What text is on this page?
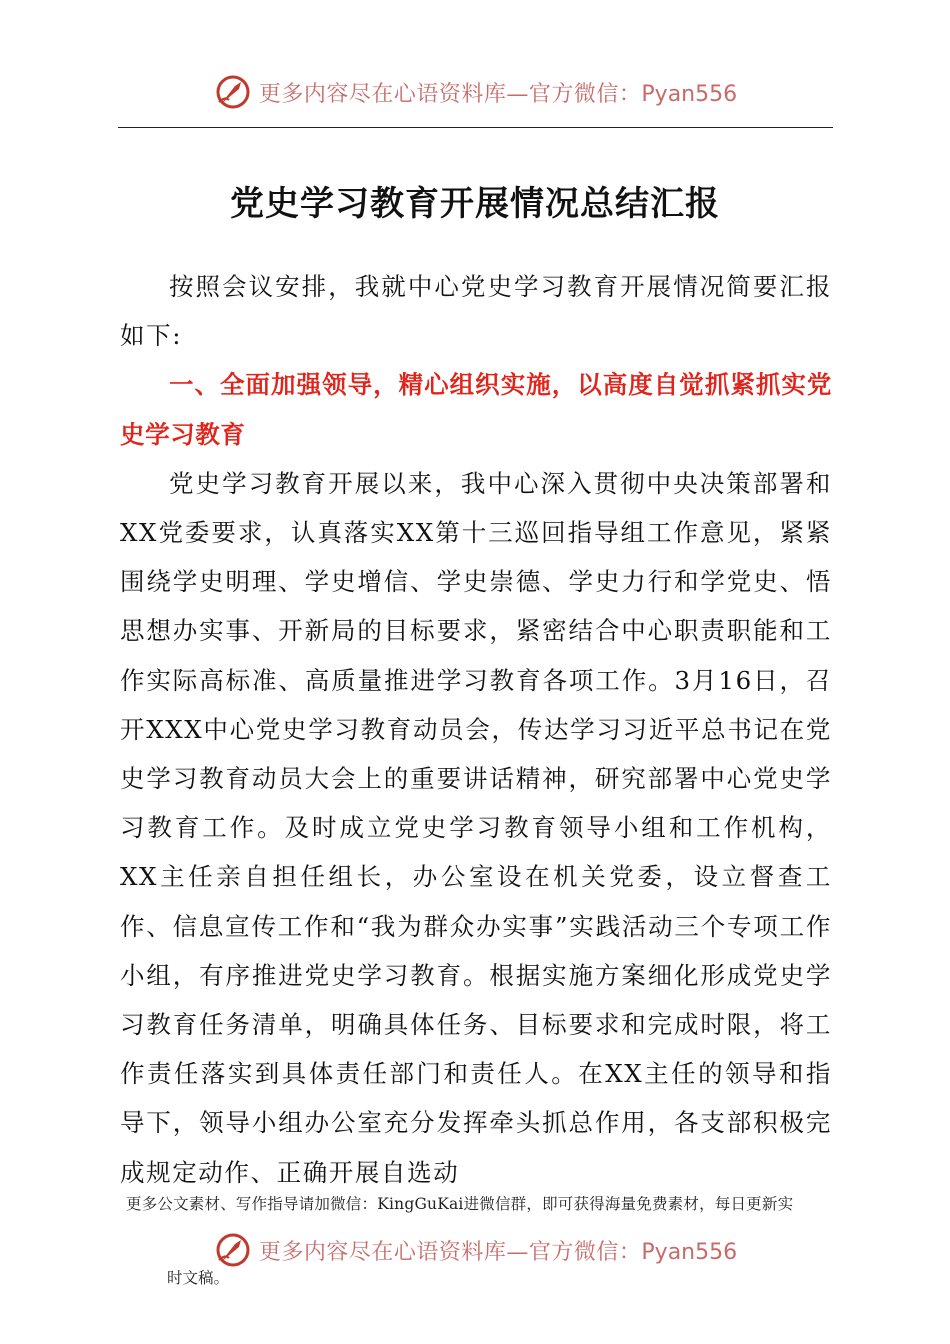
更多内容尽在心语资料库—官方微信：Pyan556
党史学习教育开展情况总结汇报

按照会议安排，我就中心党史学习教育开展情况简要汇报如下:

一、全面加强领导，精心组织实施，以高度自觉抓紧抓实党史学习教育

党史学习教育开展以来，我中心深入贯彻中央决策部署和XX党委要求，认真落实XX第十三巡回指导组工作意见，紧紧围绕学史明理、学史增信、学史崇德、学史力行和学党史、悟思想办实事、开新局的目标要求，紧密结合中心职责职能和工作实际高标准、高质量推进学习教育各项工作。3月16日，召开XXX中心党史学习教育动员会，传达学习习近平总书记在党史学习教育动员大会上的重要讲话精神，研究部署中心党史学习教育工作。及时成立党史学习教育领导小组和工作机构，XX主任亲自担任组长，办公室设在机关党委，设立督查工作、信息宣传工作和“我为群众办实事”实践活动三个专项工作小组，有序推进党史学习教育。根据实施方案细化形成党史学习教育任务清单，明确具体任务、目标要求和完成时限，将工作责任落实到具体责任部门和责任人。在XX主任的领导和指导下，领导小组办公室充分发挥牵头抓总作用，各支部积极完成规定动作、正确开展自选动

更多公文素材、写作指导请加微信：KingGuKai进微信群，即可获得海量免费素材，每日更新实
更多内容尽在心语资料库—官方微信：Pyan556
时文稿。
